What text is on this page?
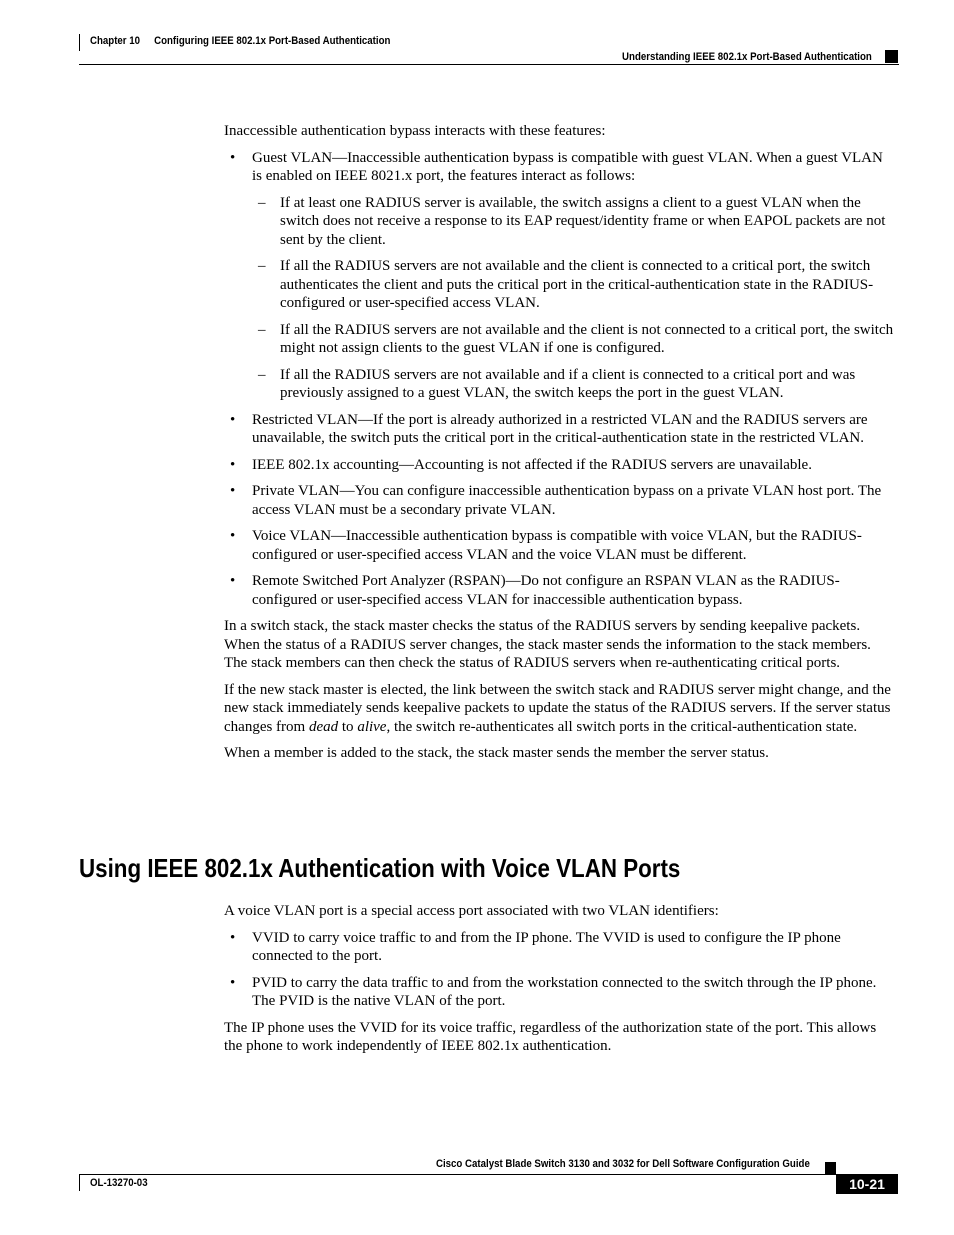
Chapter 10 Configuring IEEE 802.1x Port-Based Authentication
Understanding IEEE 802.1x Port-Based Authentication

Inaccessible authentication bypass interacts with these features:

• Guest VLAN—Inaccessible authentication bypass is compatible with guest VLAN. When a guest VLAN is enabled on IEEE 8021.x port, the features interact as follows:
– If at least one RADIUS server is available, the switch assigns a client to a guest VLAN when the switch does not receive a response to its EAP request/identity frame or when EAPOL packets are not sent by the client.
– If all the RADIUS servers are not available and the client is connected to a critical port, the switch authenticates the client and puts the critical port in the critical-authentication state in the RADIUS-configured or user-specified access VLAN.
– If all the RADIUS servers are not available and the client is not connected to a critical port, the switch might not assign clients to the guest VLAN if one is configured.
– If all the RADIUS servers are not available and if a client is connected to a critical port and was previously assigned to a guest VLAN, the switch keeps the port in the guest VLAN.
• Restricted VLAN—If the port is already authorized in a restricted VLAN and the RADIUS servers are unavailable, the switch puts the critical port in the critical-authentication state in the restricted VLAN.
• IEEE 802.1x accounting—Accounting is not affected if the RADIUS servers are unavailable.
• Private VLAN—You can configure inaccessible authentication bypass on a private VLAN host port. The access VLAN must be a secondary private VLAN.
• Voice VLAN—Inaccessible authentication bypass is compatible with voice VLAN, but the RADIUS-configured or user-specified access VLAN and the voice VLAN must be different.
• Remote Switched Port Analyzer (RSPAN)—Do not configure an RSPAN VLAN as the RADIUS-configured or user-specified access VLAN for inaccessible authentication bypass.

In a switch stack, the stack master checks the status of the RADIUS servers by sending keepalive packets. When the status of a RADIUS server changes, the stack master sends the information to the stack members. The stack members can then check the status of RADIUS servers when re-authenticating critical ports.

If the new stack master is elected, the link between the switch stack and RADIUS server might change, and the new stack immediately sends keepalive packets to update the status of the RADIUS servers. If the server status changes from dead to alive, the switch re-authenticates all switch ports in the critical-authentication state.

When a member is added to the stack, the stack master sends the member the server status.

Using IEEE 802.1x Authentication with Voice VLAN Ports

A voice VLAN port is a special access port associated with two VLAN identifiers:

• VVID to carry voice traffic to and from the IP phone. The VVID is used to configure the IP phone connected to the port.
• PVID to carry the data traffic to and from the workstation connected to the switch through the IP phone. The PVID is the native VLAN of the port.

The IP phone uses the VVID for its voice traffic, regardless of the authorization state of the port. This allows the phone to work independently of IEEE 802.1x authentication.

Cisco Catalyst Blade Switch 3130 and 3032 for Dell Software Configuration Guide
OL-13270-03	10-21
